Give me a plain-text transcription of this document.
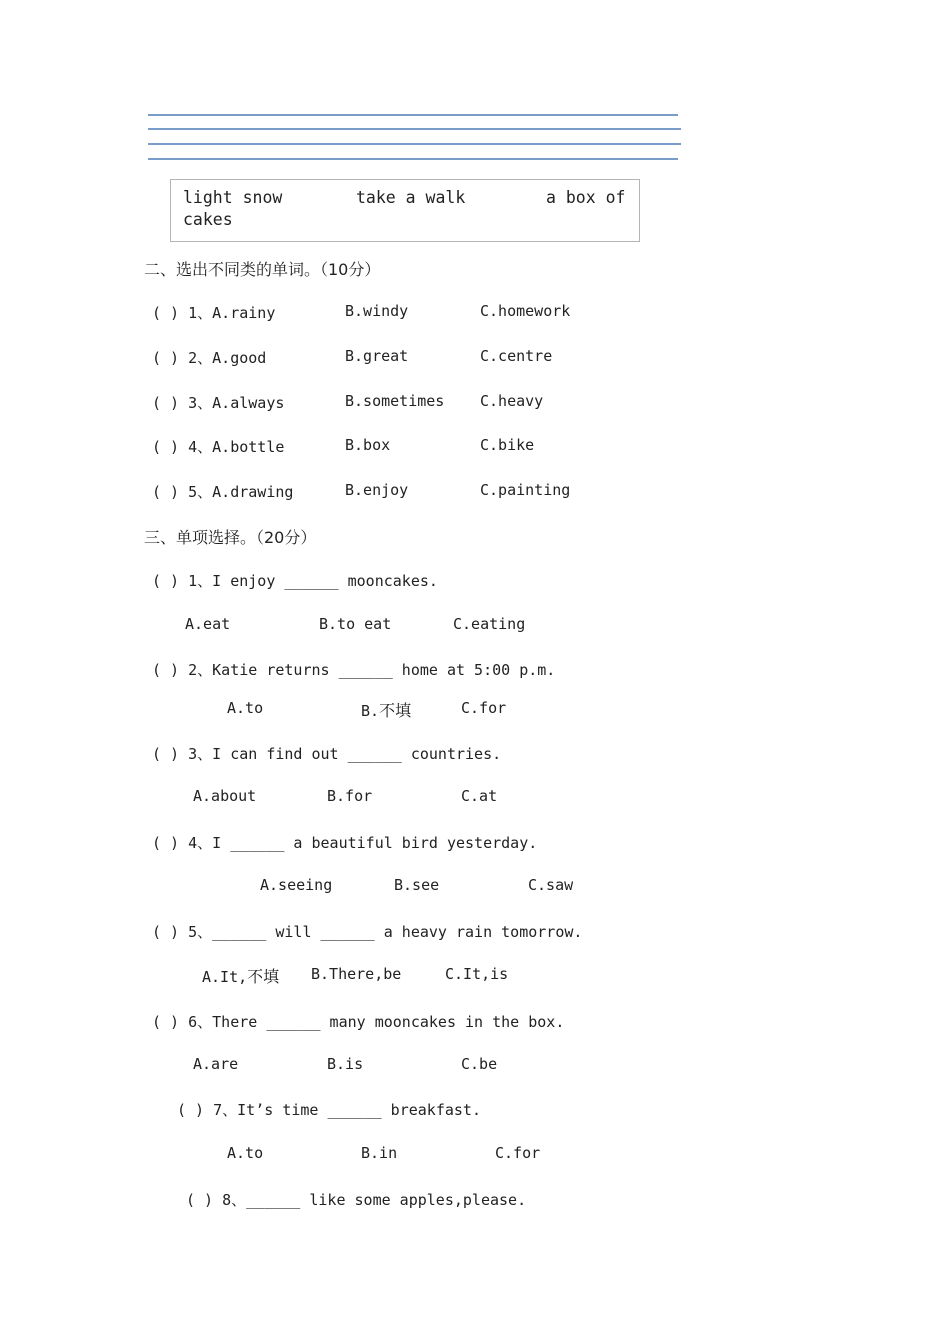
light snow	take a walk	a box of
cakes
二、选出不同类的单词。（10分）
( ) 1、A.rainy	B.windy	C.homework
( ) 2、A.good	B.great	C.centre
( ) 3、A.always	B.sometimes C.heavy
( ) 4、A.bottle	B.box	C.bike
( ) 5、A.drawing	B.enjoy	C.painting
三、单项选择。（20分）
( ) 1、I enjoy ______ mooncakes.
A.eat	B.to eat	C.eating
( ) 2、Katie returns ______ home at 5:00 p.m.
A.to	B.不填	C.for
( ) 3、I can find out ______ countries.
A.about	B.for	C.at
( ) 4、I ______ a beautiful bird yesterday.
A.seeing	B.see	C.saw
( ) 5、______ will ______ a heavy rain tomorrow.
A.It,不填 B.There,be	C.It,is
( ) 6、There ______ many mooncakes in the box.
A.are	B.is	C.be
( ) 7、It’s time ______ breakfast.
A.to	B.in	C.for
( ) 8、______ like some apples,please.
